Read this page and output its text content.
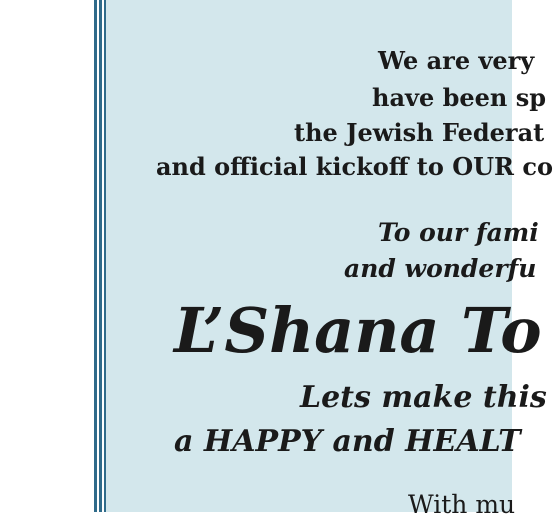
We are very
have been sp
the Jewish Federat
and official kickoff to OUR co
To our fami
and wonderfu
L’Shana To
Lets make this
a HAPPY and HEALT
With mu
